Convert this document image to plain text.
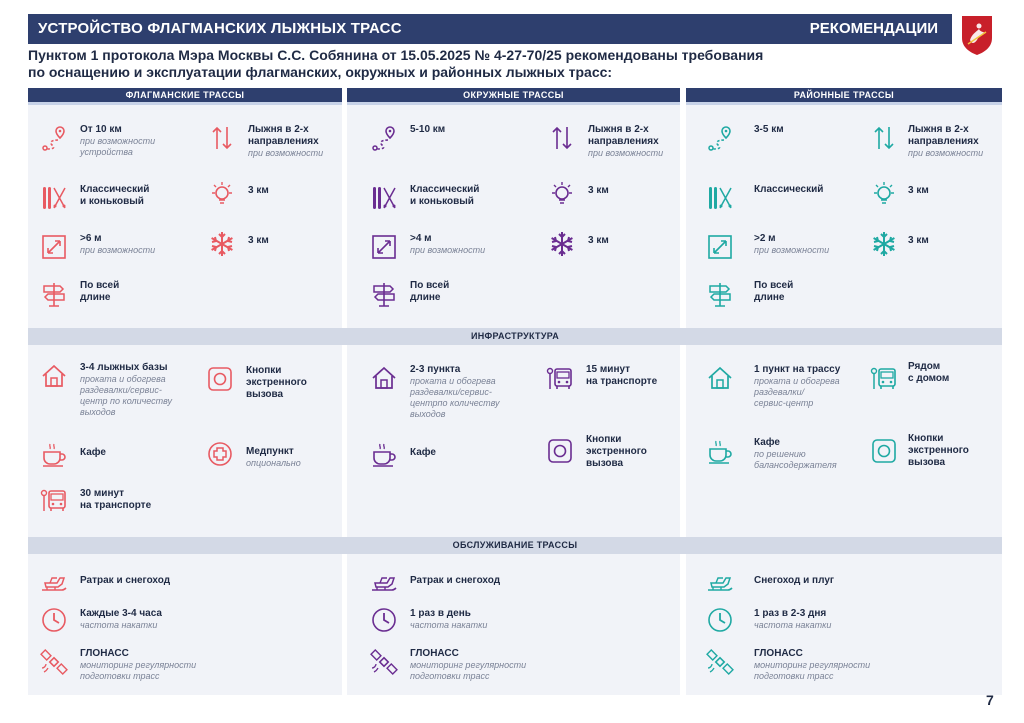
УСТРОЙСТВО ФЛАГМАНСКИХ ЛЫЖНЫХ ТРАСС	РЕКОМЕНДАЦИИ
Пунктом 1 протокола Мэра Москвы С.С. Собянина от 15.05.2025 № 4-27-70/25 рекомендованы требования
по оснащению и эксплуатации флагманских, окружных и районных лыжных трасс:
ФЛАГМАНСКИЕ ТРАССЫ	ОКРУЖНЫЕ ТРАССЫ	РАЙОННЫЕ ТРАССЫ
ИНФРАСТРУКТУРА
ОБСЛУЖИВАНИЕ ТРАССЫ
От 10 км
при возможности
устройства
Лыжня в 2-х
направлениях
при возможности
Классический
и коньковый
3 км
>6 м
при возможности
3 км
По всей
длине
3-4 лыжных базы
проката и обогрева
раздевалки/сервис-
центр по количеству
выходов
Кнопки
экстренного
вызова
Кафе	Медпункт
опционально
30 минут
на транспорте
Ратрак и снегоход
Каждые 3-4 часа
частота накатки
ГЛОНАСС
мониторинг регулярности
подготовки трасс
5-10 км	Лыжня в 2-х
направлениях
при возможности
Классический
и коньковый
3 км
>4 м
при возможности
3 км
По всей
длине
2-3 пункта
проката и обогрева
раздевалки/сервис-
центрпо количеству
выходов
15 минут
на транспорте
Кафе
Кнопки
экстренного
вызова
Ратрак и снегоход
1 раз в день
частота накатки
ГЛОНАСС
мониторинг регулярности
подготовки трасс
3-5 км	Лыжня в 2-х
направлениях
при возможности
Классический	3 км
>2 м
при возможности
3 км
По всей
длине
1 пункт на трассу
проката и обогрева
раздевалки/
сервис-центр
Рядом
с домом
Кафе
по решению
балансодержателя
Кнопки
экстренного
вызова
Снегоход и плуг
1 раз в 2-3 дня
частота накатки
ГЛОНАСС
мониторинг регулярности
подготовки трасс
7
